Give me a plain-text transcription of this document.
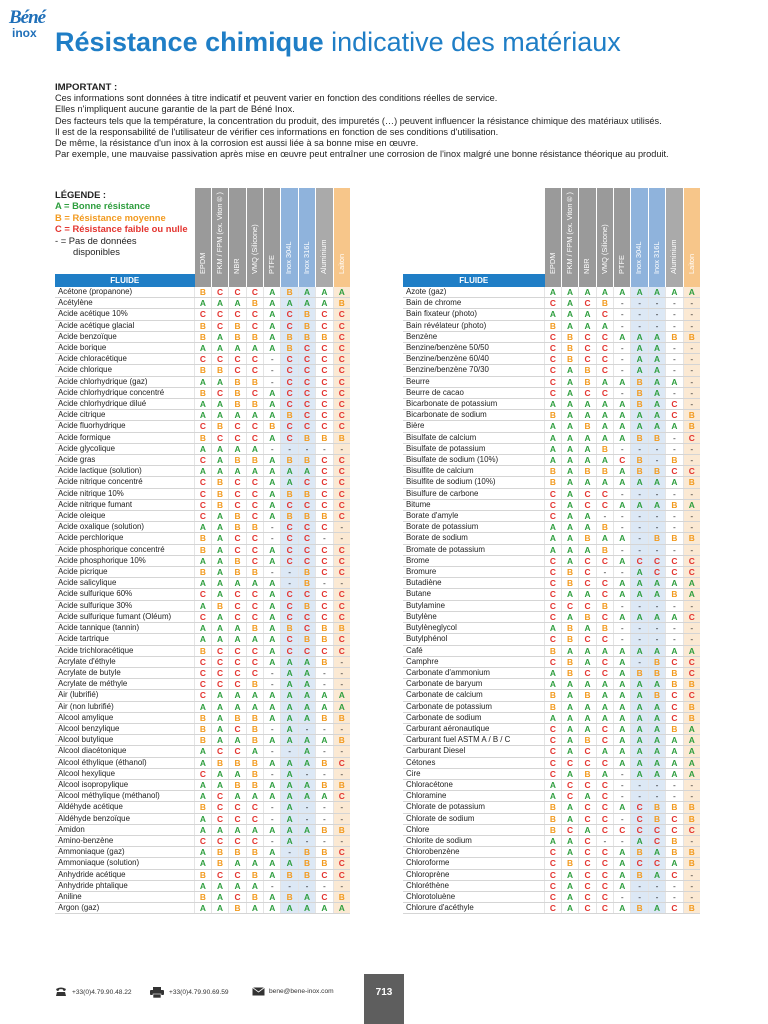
Béné
inox Résistance chimique indicative des matériaux
IMPORTANT :
Ces informations sont données à titre indicatif et peuvent varier en fonction des conditions réelles de service.
Elles n'impliquent aucune garantie de la part de Béné Inox.
Des facteurs tels que la température, la concentration du produit, des impuretés (…) peuvent influencer la résistance chimique des matériaux utilisés.
Il est de la responsabilité de l'utilisateur de vérifier ces informations en fonction de ses conditions d'utilisation.
De même, la résistance d'un inox à la corrosion est aussi liée à sa bonne mise en œuvre.
Par exemple, une mauvaise passivation après mise en œuvre peut entraîner une corrosion de l'inox malgré une bonne résistance théorique au produit.
LÉGENDE :
A = Bonne résistance
B = Résistance moyenne
C = Résistance faible ou nulle
- = Pas de données
disponibles

	EPDM	FKM / FPM (ex. Viton®)	NBR	VMQ (Silicone)	PTFE	Inox 304L	Inox 316L	Aluminium	Laiton

FLUIDE									
Acétone (propanone)	B	C	C	C	A	B	A	A	A
Acétylène	A	A	A	B	A	A	A	A	B
Acide acétique 10%	C	C	C	C	A	C	B	C	C
Acide acétique glacial	B	C	B	C	A	C	B	C	C
Acide benzoïque	B	A	B	B	A	B	B	B	C
Acide borique	A	A	A	A	A	B	C	C	C
Acide chloracétique	C	C	C	C	-	C	C	C	C
Acide chlorique	B	B	C	C	-	C	C	C	C
Acide chlorhydrique (gaz)	A	A	B	B	-	C	C	C	C
Acide chlorhydrique concentré	B	C	B	C	A	C	C	C	C
Acide chlorhydrique dilué	A	A	B	B	A	C	C	C	C
Acide citrique	A	A	A	A	A	B	C	C	C
Acide fluorhydrique	C	B	C	C	B	C	C	C	C
Acide formique	B	C	C	C	A	C	B	B	B
Acide glycolique	A	A	A	A	-	-	-	-	-
Acide gras	C	A	B	B	A	B	B	C	C
Acide lactique (solution)	A	A	A	A	A	A	A	C	C
Acide nitrique concentré	C	B	C	C	A	A	C	C	C
Acide nitrique 10%	C	B	C	C	A	B	B	C	C
Acide nitrique fumant	C	B	C	C	A	C	C	C	C
Acide oleique	C	A	B	C	A	B	B	B	C
Acide oxalique (solution)	A	A	B	B	-	C	C	C	-
Acide perchlorique	B	A	C	C	-	C	C	-	-
Acide phosphorique concentré	B	A	C	C	A	C	C	C	C
Acide phosphorique 10%	A	A	B	C	A	C	C	C	C
Acide picrique	B	A	B	B	-	-	B	C	C
Acide salicylique	A	A	A	A	A	-	B	-	-
Acide sulfurique 60%	C	A	C	C	A	C	C	C	C
Acide sulfurique 30%	A	B	C	C	A	C	B	C	C
Acide sulfurique fumant (Oléum)	C	A	C	C	A	C	C	C	C
Acide tannique (tannin)	A	A	A	B	A	B	C	B	B
Acide tartrique	A	A	A	A	A	C	B	B	C
Acide trichloracétique	B	C	C	C	A	C	C	C	C
Acrylate d'éthyle	C	C	C	C	A	A	A	B	-
Acrylate de butyle	C	C	C	C	-	A	A	-	-
Acrylate de méthyle	C	C	C	B	-	A	A	-	-
Air (lubrifié)	C	A	A	A	A	A	A	A	A
Air (non lubrifié)	A	A	A	A	A	A	A	A	A
Alcool amylique	B	A	B	B	A	A	A	B	B
Alcool benzylique	B	A	C	B	-	A	-	-	-
Alcool butylique	B	A	A	B	A	A	A	A	B
Alcool diacétonique	A	C	C	A	-	-	A	-	-
Alcool éthylique (éthanol)	A	B	B	B	A	A	A	B	C
Alcool hexylique	C	A	A	B	-	A	-	-	-
Alcool isopropylique	A	A	B	B	A	A	A	B	B
Alcool méthylique (méthanol)	A	C	A	A	A	A	A	A	C
Aldéhyde acétique	B	C	C	C	-	A	-	-	-
Aldéhyde benzoïque	A	C	C	C	-	A	-	-	-
Amidon	A	A	A	A	A	A	A	B	B
Amino-benzène	C	C	C	C	-	A	-	-	-
Ammoniaque (gaz)	A	B	B	B	A	-	B	B	C
Ammoniaque (solution)	A	B	A	A	A	A	B	B	C
Anhydride acétique	B	C	C	B	A	B	B	C	C
Anhydride phtalique	A	A	A	A	-	-	-	-	-
Aniline	B	A	C	B	A	B	A	C	B
Argon (gaz)	A	A	B	A	A	A	A	A	A

	EPDM	FKM / FPM (ex. Viton®)	NBR	VMQ (Silicone)	PTFE	Inox 304L	Inox 316L	Aluminium	Laiton

FLUIDE									
Azote (gaz)	A	A	A	A	A	A	A	A	A
Bain de chrome	C	A	C	B	-	-	-	-	-
Bain fixateur (photo)	A	A	A	C	-	-	-	-	-
Bain révélateur (photo)	B	A	A	A	-	-	-	-	-
Benzène	C	B	C	C	A	A	A	B	B
Benzine/benzène 50/50	C	B	C	C	-	A	A	-	-
Benzine/benzène 60/40	C	B	C	C	-	A	A	-	-
Benzine/benzène 70/30	C	A	B	C	-	A	A	-	-
Beurre	C	A	B	A	A	B	A	A	-
Beurre de cacao	C	A	C	C	-	B	A	-	-
Bicarbonate de potassium	A	A	A	A	A	B	A	C	-
Bicarbonate de sodium	B	A	A	A	A	A	A	C	B
Bière	A	A	B	A	A	A	A	A	B
Bisulfate de calcium	A	A	A	A	A	B	B	-	C
Bisulfate de potassium	A	A	A	B	-	-	-	-	-
Bisulfate de sodium (10%)	A	A	A	A	C	B	-	B	-
Bisulfite de calcium	B	A	B	B	A	B	B	C	C
Bisulfite de sodium (10%)	B	A	A	A	A	A	A	A	B
Bisulfure de carbone	C	A	C	C	-	-	-	-	-
Bitume	C	A	C	C	A	A	A	B	A
Borate d'amyle	C	A	A	-	-	-	-	-	-
Borate de potassium	A	A	A	B	-	-	-	-	-
Borate de sodium	A	A	B	A	A	-	B	B	B
Bromate de potassium	A	A	A	B	-	-	-	-	-
Brome	C	A	C	C	A	C	C	C	C
Bromure	C	B	C	-	-	A	C	C	C
Butadiène	C	B	C	C	A	A	A	A	A
Butane	C	A	A	C	A	A	A	B	A
Butylamine	C	C	C	B	-	-	-	-	-
Butylène	C	A	B	C	A	A	A	A	C
Butylèneglycol	A	B	A	B	-	-	-	-	-
Butylphénol	C	B	C	C	-	-	-	-	-
Café	B	A	A	A	A	A	A	A	A
Camphre	C	B	A	C	A	-	B	C	C
Carbonate d'ammonium	A	B	C	C	A	B	B	B	C
Carbonate de baryum	A	A	A	A	A	A	A	B	B
Carbonate de calcium	B	A	B	A	A	A	B	C	C
Carbonate de potassium	B	A	A	A	A	A	A	C	B
Carbonate de sodium	A	A	A	A	A	A	A	C	B
Carburant aéronautique	C	A	A	C	A	A	A	B	A
Carburant fuel ASTM A / B / C	C	A	B	C	A	A	A	A	A
Carburant Diesel	C	A	C	A	A	A	A	A	A
Cétones	C	C	C	C	A	A	A	A	A
Cire	C	A	B	A	-	A	A	A	A
Chloracétone	A	C	C	C	-	-	-	-	-
Chloramine	A	C	A	C	-	-	-	-	-
Chlorate de potassium	B	A	C	C	A	C	B	B	B
Chlorate de sodium	B	A	C	C	-	C	B	C	B
Chlore	B	C	A	C	C	C	C	C	C
Chlorite de sodium	A	A	C	-	-	A	C	B	-
Chlorobenzène	C	A	C	C	A	B	A	B	B
Chloroforme	C	B	C	C	A	C	C	A	B
Chloroprène	C	A	C	C	A	B	A	C	-
Chloréthène	C	A	C	C	A	-	-	-	-
Chlorotoluène	C	A	C	C	-	-	-	-	-
Chlorure d'acéthyle	C	A	C	C	A	B	A	C	B
+33(0)4.79.90.48.22	+33(0)4.79.90.69.59	bene@bene-inox.com	713
